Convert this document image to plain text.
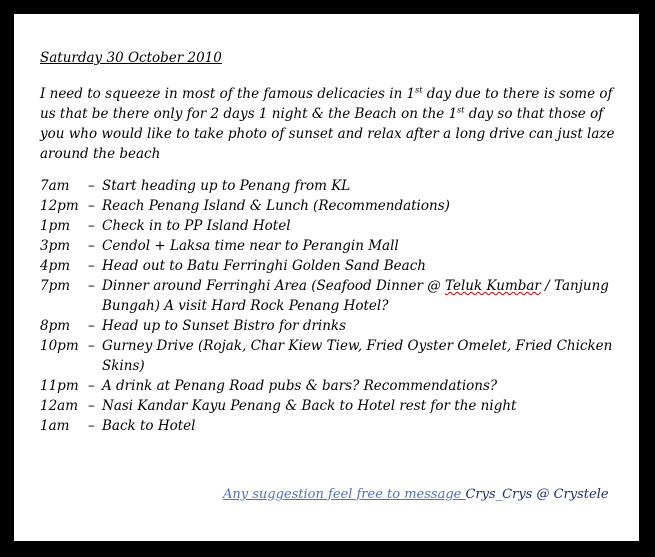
Saturday 30 October 2010

I need to squeeze in most of the famous delicacies in 1st day due to there is some of us that be there only for 2 days 1 night & the Beach on the 1st day so that those of you who would like to take photo of sunset and relax after a long drive can just laze around the beach

7am	– Start heading up to Penang from KL
12pm – Reach Penang Island & Lunch (Recommendations)
1pm	– Check in to PP Island Hotel
3pm	– Cendol + Laksa time near to Perangin Mall
4pm	– Head out to Batu Ferringhi Golden Sand Beach
7pm	– Dinner around Ferringhi Area (Seafood Dinner @ Teluk Kumbar / Tanjung Bungah) A visit Hard Rock Penang Hotel?
8pm	– Head up to Sunset Bistro for drinks
10pm – Gurney Drive (Rojak, Char Kiew Tiew, Fried Oyster Omelet, Fried Chicken Skins)
11pm – A drink at Penang Road pubs & bars? Recommendations?
12am – Nasi Kandar Kayu Penang & Back to Hotel rest for the night
1am	– Back to Hotel
Any suggestion feel free to message Crys_Crys @ Crystele
